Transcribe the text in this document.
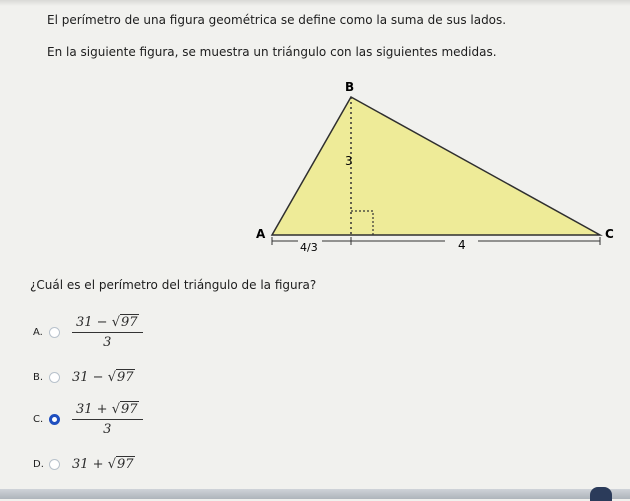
El perímetro de una figura geométrica se define como la suma de sus lados.
En la siguiente figura, se muestra un triángulo con las siguientes medidas.
B
A	C
3
4/3	4
¿Cuál es el perímetro del triángulo de la figura?
A.	$\frac{31 - √97}{3}$
B.	31 − √97
C.	$\frac{31 + √97}{3}$
D.	31 + √97
